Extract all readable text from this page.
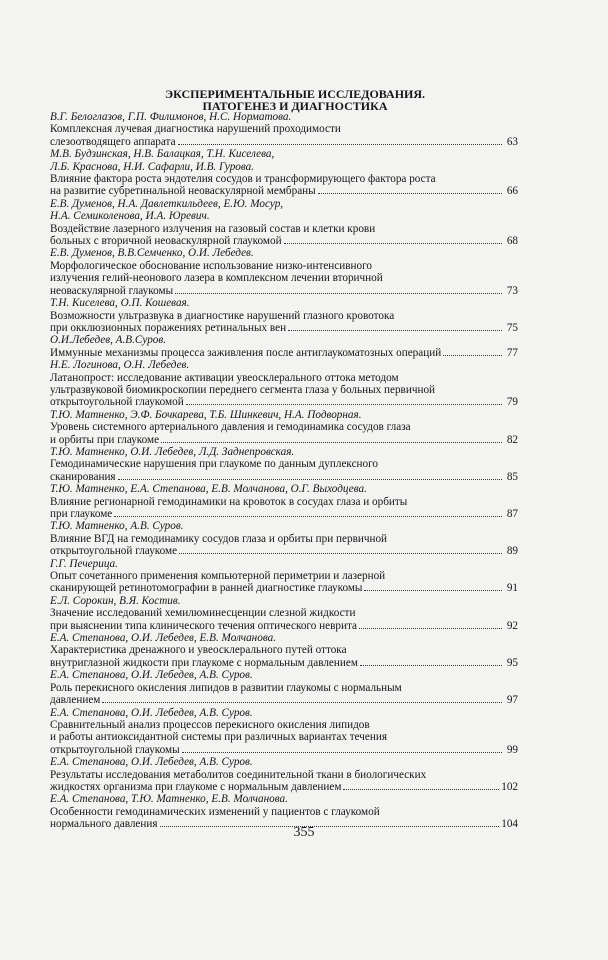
ЭКСПЕРИМЕНТАЛЬНЫЕ ИССЛЕДОВАНИЯ.
ПАТОГЕНЕЗ И ДИАГНОСТИКА
В.Г. Белоглазов, Г.П. Филимонов, Н.С. Норматова.
Комплексная лучевая диагностика нарушений проходимости
слезоотводящего аппарата	63
М.В. Будзинская, Н.В. Балацкая, Т.Н. Киселева,
Л.Б. Краснова, Н.И. Сафарли, И.В. Гурова.
Влияние фактора роста эндотелия сосудов и трансформирующего фактора роста
на развитие субретинальной неоваскулярной мембраны	66
Е.В. Думенов, Н.А. Давлеткильдеев, Е.Ю. Мосур,
Н.А. Семиколенова, И.А. Юревич.
Воздействие лазерного излучения на газовый состав и клетки крови
больных с вторичной неоваскулярной глаукомой	68
Е.В. Думенов, В.В.Семченко, О.И. Лебедев.
Морфологическое обоснование использование низко-интенсивного
излучения гелий-неонового лазера в комплексном лечении вторичной
неоваскулярной глаукомы	73
Т.Н. Киселева, О.П. Кошевая.
Возможности ультразвука в диагностике нарушений глазного кровотока
при окклюзионных поражениях ретинальных вен	75
О.И.Лебедев, А.В.Суров.
Иммунные механизмы процесса заживления после антиглаукоматозных операций	77
Н.Е. Логинова, О.Н. Лебедев.
Латанопрост: исследование активации увеосклерального оттока методом
ультразвуковой биомикроскопии переднего сегмента глаза у больных первичной
открытоугольной глаукомой	79
Т.Ю. Матненко, Э.Ф. Бочкарева, Т.Б. Шинкевич, Н.А. Подворная.
Уровень системного артериального давления и гемодинамика сосудов глаза
и орбиты при глаукоме	82
Т.Ю. Матненко, О.И. Лебедев, Л.Д. Заднепровская.
Гемодинамические нарушения при глаукоме по данным дуплексного
сканирования	85
Т.Ю. Матненко, Е.А. Степанова, Е.В. Молчанова, О.Г. Выходцева.
Влияние регионарной гемодинамики на кровоток в сосудах глаза и орбиты
при глаукоме	87
Т.Ю. Матненко, А.В. Суров.
Влияние ВГД на гемодинамику сосудов глаза и орбиты при первичной
открытоугольной глаукоме	89
Г.Г. Печерица.
Опыт сочетанного применения компьютерной периметрии и лазерной
сканирующей ретинотомографии в ранней диагностике глаукомы	91
Е.Л. Сорокин, В.Я. Костив.
Значение исследований хемилюминесценции слезной жидкости
при выяснении типа клинического течения оптического неврита	92
Е.А. Степанова, О.И. Лебедев, Е.В. Молчанова.
Характеристика дренажного и увеосклерального путей оттока
внутриглазной жидкости при глаукоме с нормальным давлением	95
Е.А. Степанова, О.И. Лебедев, А.В. Суров.
Роль перекисного окисления липидов в развитии глаукомы с нормальным
давлением	97
Е.А. Степанова, О.И. Лебедев, А.В. Суров.
Сравнительный анализ процессов перекисного окисления липидов
и работы антиоксидантной системы при различных вариантах течения
открытоугольной глаукомы	99
Е.А. Степанова, О.И. Лебедев, А.В. Суров.
Результаты исследования метаболитов соединительной ткани в биологических
жидкостях организма при глаукоме с нормальным давлением	102
Е.А. Степанова, Т.Ю. Матненко, Е.В. Молчанова.
Особенности гемодинамических изменений у пациентов с глаукомой
нормального давления	104
355
